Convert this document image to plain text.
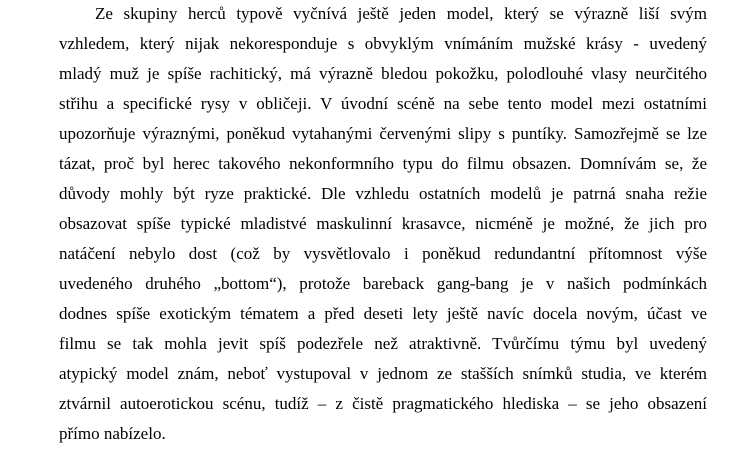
Ze skupiny herců typově vyčnívá ještě jeden model, který se výrazně liší svým
vzhledem, který nijak nekoresponduje s obvyklým vnímáním mužské krásy - uvedený
mladý muž je spíše rachitický, má výrazně bledou pokožku, polodlouhé vlasy neurčitého
střihu a specifické rysy v obličeji. V úvodní scéně na sebe tento model mezi ostatními
upozorňuje výraznými, poněkud vytahanými červenými slipy s puntíky. Samozřejmě se lze
tázat, proč byl herec takového nekonformního typu do filmu obsazen. Domnívám se, že
důvody mohly být ryze praktické. Dle vzhledu ostatních modelů je patrná snaha režie
obsazovat spíše typické mladistvé maskulinní krasavce, nicméně je možné, že jich pro
natáčení nebylo dost (což by vysvětlovalo i poněkud redundantní přítomnost výše
uvedeného druhého „bottom“), protože bareback gang-bang je v našich podmínkách
dodnes spíše exotickým tématem a před deseti lety ještě navíc docela novým, účast ve
filmu se tak mohla jevit spíš podezřele než atraktivně. Tvůrčímu týmu byl uvedený
atypický model znám, neboť vystupoval v jednom ze stašších snímků studia, ve kterém
ztvárnil autoerotickou scénu, tudíž – z čistě pragmatického hlediska – se jeho obsazení
přímo nabízelo.
